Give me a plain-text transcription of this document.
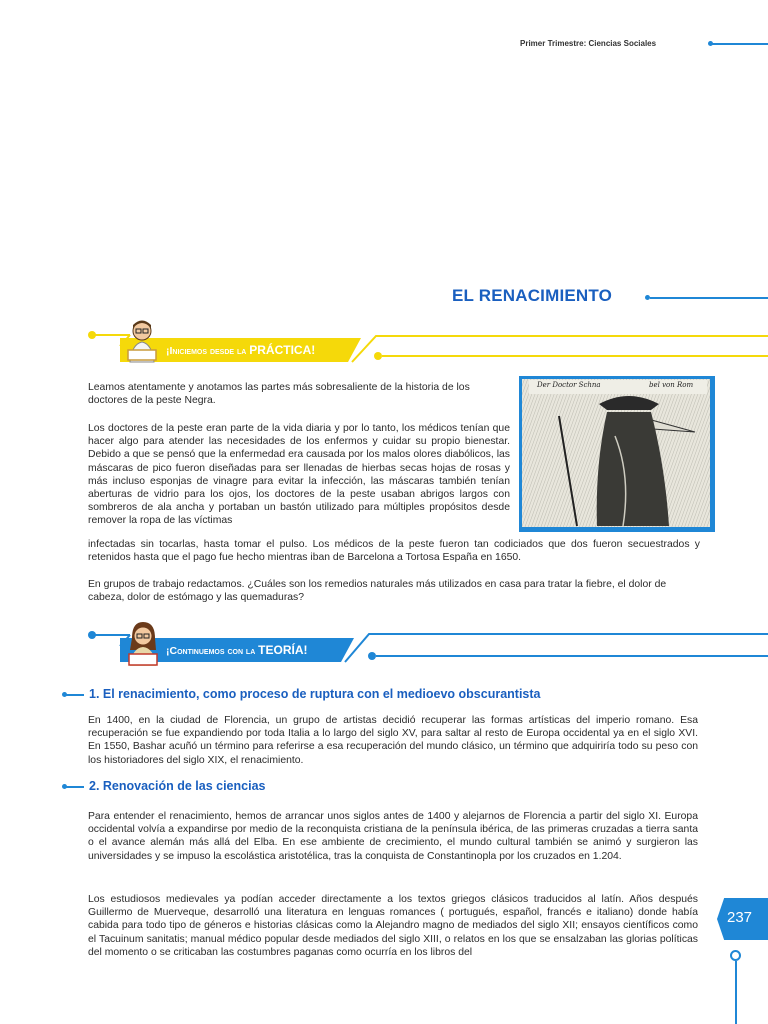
Primer Trimestre: Ciencias Sociales
EL RENACIMIENTO
¡Iniciemos desde la PRÁCTICA!
Der Doctor Schna	bel von Rom
Leamos atentamente y anotamos las partes más sobresaliente de la historia de los doctores de la peste Negra.
Los doctores de la peste eran parte de la vida diaria y por lo tanto, los médicos tenían que hacer algo para atender las necesidades de los enfermos y cuidar su propio bienestar. Debido a que se pensó que la enfermedad era causada por los malos olores diabólicos, las máscaras de pico fueron diseñadas para ser llenadas de hierbas secas hojas de rosas y más incluso esponjas de vinagre para evitar la infección, las máscaras también tenían aberturas de vidrio para los ojos, los doctores de la peste usaban abrigos largos con sombreros de ala ancha y portaban un bastón utilizado para múltiples propósitos desde remover la ropa de las víctimas
infectadas sin tocarlas, hasta tomar el pulso. Los médicos de la peste fueron tan codiciados que dos fueron secuestrados y retenidos hasta que el pago fue hecho mientras iban de Barcelona a Tortosa España en 1650.
En grupos de trabajo redactamos. ¿Cuáles son los remedios naturales más utilizados en casa para tratar la fiebre, el dolor de cabeza, dolor de estómago y las quemaduras?
¡Continuemos con la TEORÍA!
1. El renacimiento, como proceso de ruptura con el medioevo obscurantista
En 1400, en la ciudad de Florencia, un grupo de artistas decidió recuperar las formas artísticas del imperio romano. Esa recuperación se fue expandiendo por toda Italia a lo largo del siglo XV, para saltar al resto de Europa occidental ya en el siglo XVI. En 1550, Bashar acuñó un término para referirse a esa recuperación del mundo clásico, un término que adquiriría todo su peso con los historiadores del siglo XIX, el renacimiento.
2. Renovación de las ciencias
Para entender el renacimiento, hemos de arrancar unos siglos antes de 1400 y alejarnos de Florencia a partir del siglo XI. Europa occidental volvía a expandirse por medio de la reconquista cristiana de la península ibérica, de las primeras cruzadas a tierra santa o el avance alemán más allá del Elba. En ese ambiente de crecimiento, el mundo cultural también se animó y surgieron las universidades y se impuso la escolástica aristotélica, tras la conquista de Constantinopla por los cruzados en 1.204.
Los estudiosos medievales ya podían acceder directamente a los textos griegos clásicos traducidos al latín. Años después Guillermo de Muerveque, desarrolló una literatura en lenguas romances ( portugués, español, francés e italiano) donde había cabida para todo tipo de géneros e historias clásicas como la Alejandro magno de mediados del siglo XII; ensayos científicos como el Tacuinum sanitatis; manual médico popular desde mediados del siglo XIII, o relatos en los que se ensalzaban las glorias políticas del momento o se criticaban las costumbres paganas como ocurría en los libros del
237
